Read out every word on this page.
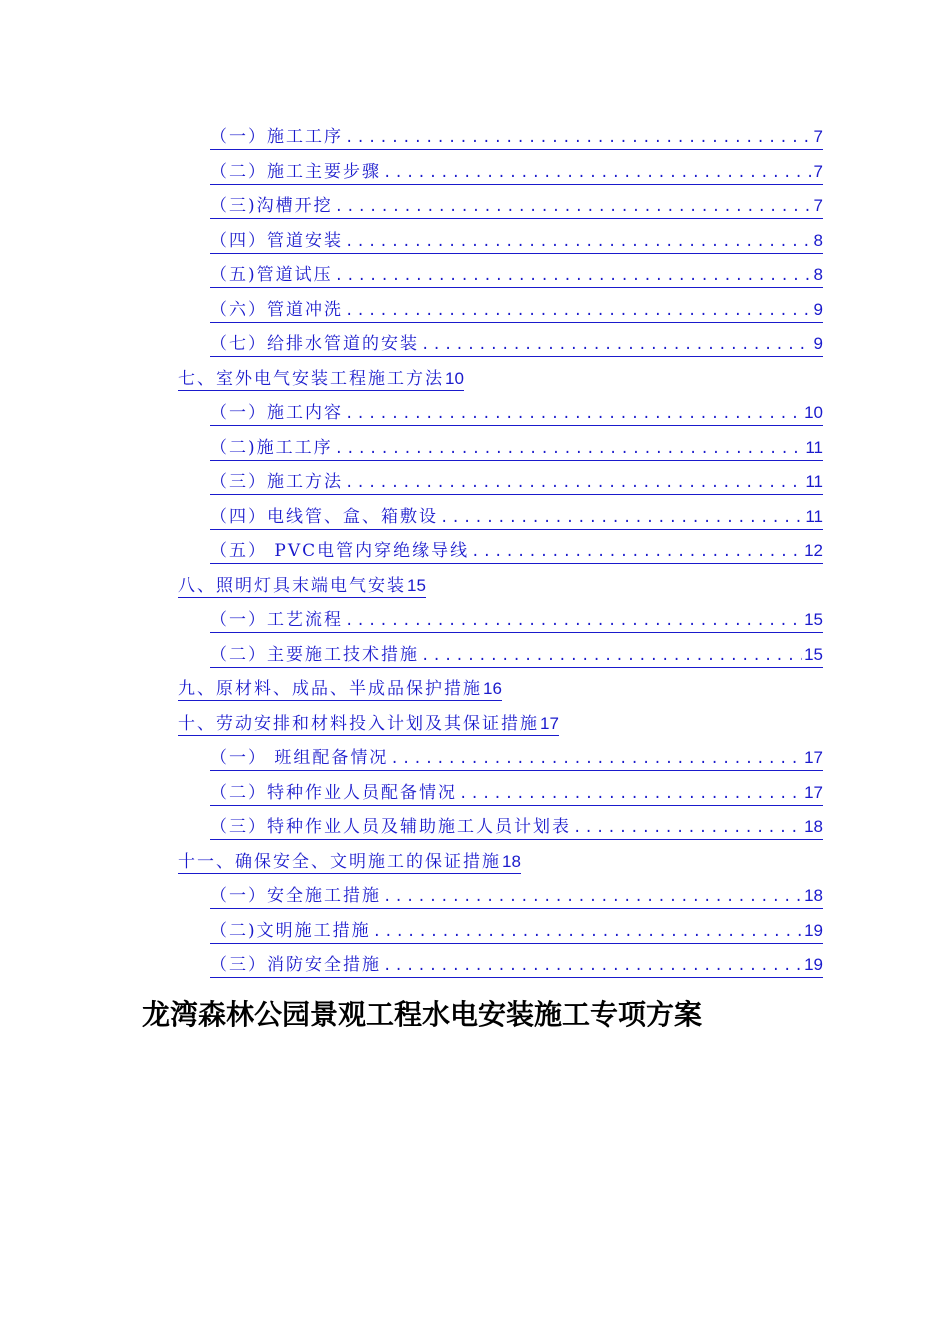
（一）施工工序 .....	7
（二）施工主要步骤 .....	7
（三)沟槽开挖 .....	7
（四）管道安装 .....	8
（五)管道试压 .....	8
（六）管道冲洗 .....	9
（七）给排水管道的安装 .....	9
七、室外电气安装工程施工方法 10
（一）施工内容 .....	10
（二)施工工序 .....	11
（三）施工方法 .....	11
（四）电线管、盒、箱敷设 .....	11
（五） PVC电管内穿绝缘导线 .....	12
八、照明灯具末端电气安装 15
（一）工艺流程 .....	15
（二）主要施工技术措施 .....	15
九、原材料、成品、半成品保护措施 16
十、劳动安排和材料投入计划及其保证措施 17
（一） 班组配备情况 .....	17
（二）特种作业人员配备情况 .....	17
（三）特种作业人员及辅助施工人员计划表 .....	18
十一、确保安全、文明施工的保证措施 18
（一）安全施工措施 .....	18
（二)文明施工措施 .....	19
（三）消防安全措施 .....	19
龙湾森林公园景观工程水电安装施工专项方案
